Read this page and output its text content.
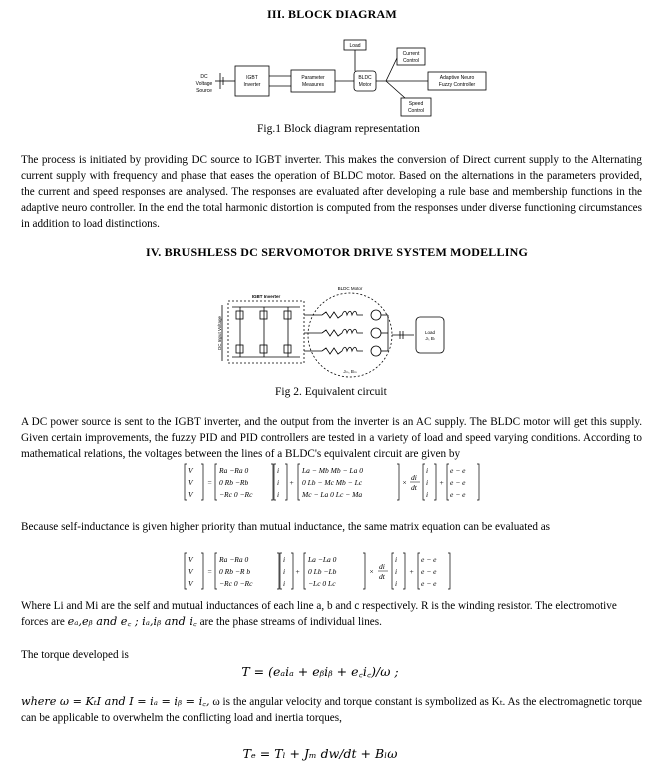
III. BLOCK DIAGRAM
DC
Voltage
Source
IGBT
Inverter
Parameter
Measures
BLDC
Motor
Load
Current
Control
Adaptive Neuro
Fuzzy Controller
Speed
Control
Fig.1 Block diagram representation
The process is initiated by providing DC source to IGBT inverter. This makes the conversion of Direct current supply to the Alternating current supply with frequency and phase that eases the operation of BLDC motor. Based on the alternations in the parameters provided, the current and speed responses are analysed. The responses are evaluated after developing a rule base and membership functions in the adaptive neuro controller. In the end the total harmonic distortion is computed from the responses under diverse functioning circumstances in addition to load distinctions.
IV. BRUSHLESS DC SERVOMOTOR DRIVE SYSTEM MODELLING
IGBT Inverter
BLDC Motor
Load
Jₗ, Bₗ
Jₘ, Bₘ
DC Input Voltage
Fig 2. Equivalent circuit
A DC power source is sent to the IGBT inverter, and the output from the inverter is an AC supply. The BLDC motor will get this supply. Given certain improvements, the fuzzy PID and PID controllers are tested in a variety of load and speed varying conditions. According to mathematical relations, the voltages between the lines of a BLDC's equivalent circuit are given by
V
V
V
=
Ra −Ra 0
0 Rb −Rb
−Rc 0 −Rc
i
i
i
+
La − Mb Mb − La 0
0 Lb − Mc Mb − Lc
Mc − La 0 Lc − Ma
×
di
dt
i
i
i
+
e − e
e − e
e − e
Because self-inductance is given higher priority than mutual inductance, the same matrix equation can be evaluated as
V
V
V
=
Ra −Ra 0
0 Rb −R b
−Rc 0 −Rc
i
i
i
+
La −La 0
0 Lb −Lb
−Lc 0 Lc
×
di
dt
i
i
i
+
e − e
e − e
e − e
Where Li and Mi are the self and mutual inductances of each line a, b and c respectively. R is the winding resistor. The electromotive
forces are eₐ,eᵦ and e꜀ ; iₐ,iᵦ and i꜀ are the phase streams of individual lines.
The torque developed is
T = (eₐiₐ + eᵦiᵦ + e꜀i꜀)/ω ;
where ω = KₜI and I = iₐ = iᵦ = i꜀, ω is the angular velocity and torque constant is symbolized as Kₜ. As the electromagnetic torque can be applicable to overwhelm the conflicting load and inertia torques,
Tₑ = Tₗ + Jₘ dw/dt + Bₗω
